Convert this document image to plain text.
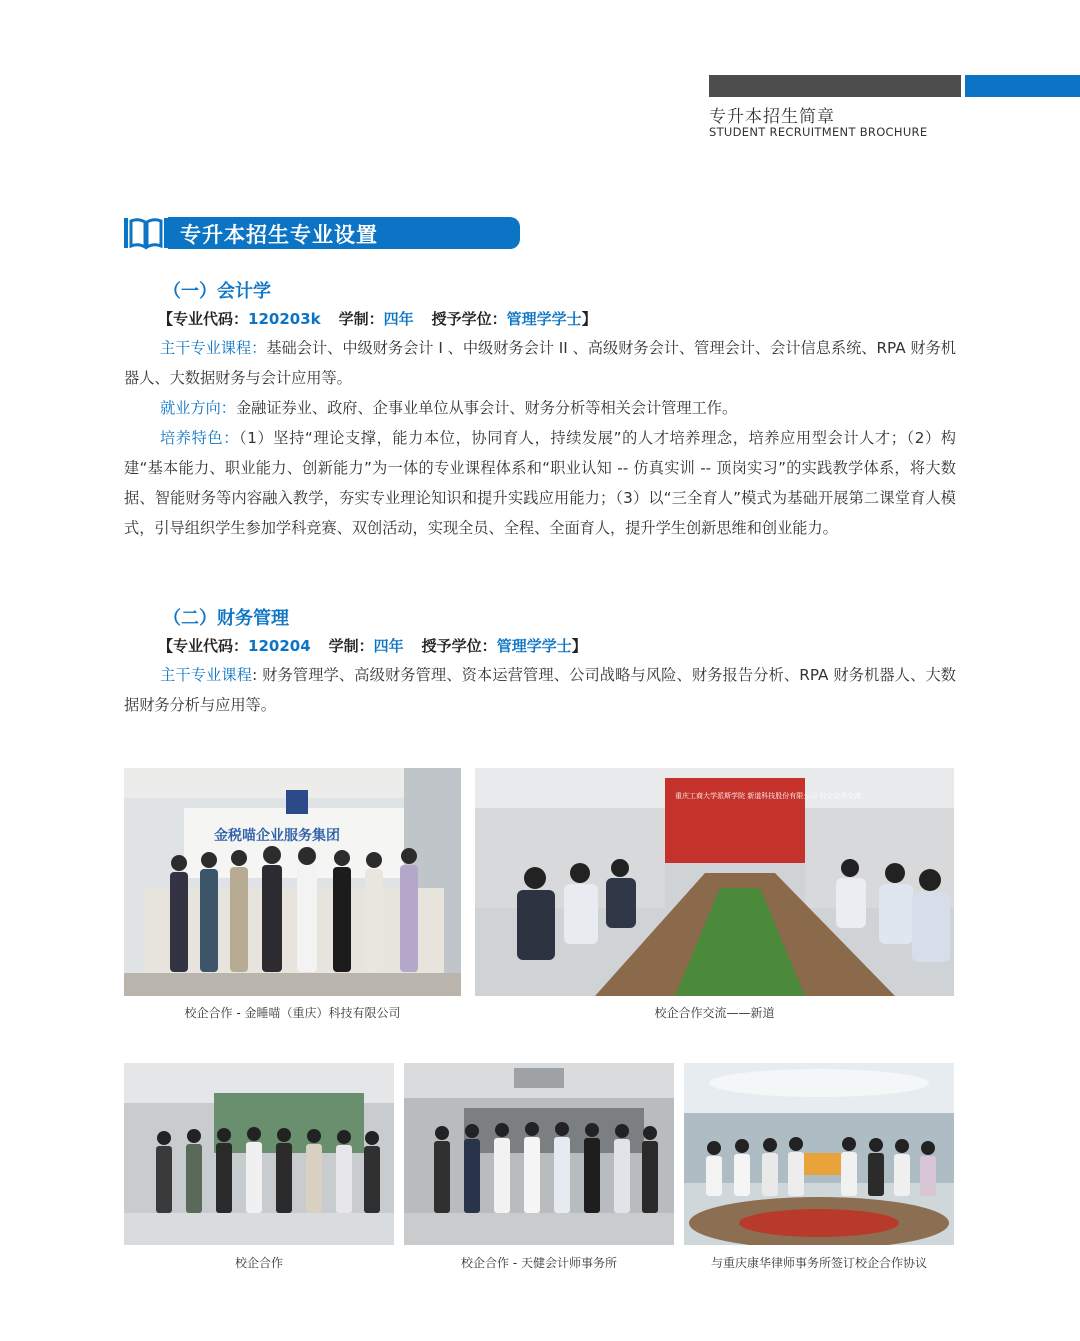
专升本招生简章
STUDENT RECRUITMENT BROCHURE
专升本招生专业设置
（一）会计学
【专业代码：120203k 学制：四年 授予学位：管理学学士】

主干专业课程：基础会计、中级财务会计 I 、中级财务会计 II 、高级财务会计、管理会计、会计信息系统、RPA 财务机器人、大数据财务与会计应用等。

就业方向：金融证券业、政府、企事业单位从事会计、财务分析等相关会计管理工作。

培养特色：（1）坚持“理论支撑，能力本位，协同育人，持续发展”的人才培养理念，培养应用型会计人才；（2）构建“基本能力、职业能力、创新能力”为一体的专业课程体系和“职业认知 -- 仿真实训 -- 顶岗实习”的实践教学体系，将大数据、智能财务等内容融入教学，夯实专业理论知识和提升实践应用能力；（3）以“三全育人”模式为基础开展第二课堂育人模式，引导组织学生参加学科竞赛、双创活动，实现全员、全程、全面育人，提升学生创新思维和创业能力。

（二）财务管理
【专业代码：120204 学制：四年 授予学位：管理学学士】

主干专业课程: 财务管理学、高级财务管理、资本运营管理、公司战略与风险、财务报告分析、RPA 财务机器人、大数据财务分析与应用等。

金税喵企业服务集团
校企合作 - 金睡喵（重庆）科技有限公司
重庆工商大学派斯学院 新道科技股份有限公司 校企合作交流
校企合作交流——新道
校企合作	校企合作 - 天健会计师事务所	与重庆康华律师事务所签订校企合作协议
